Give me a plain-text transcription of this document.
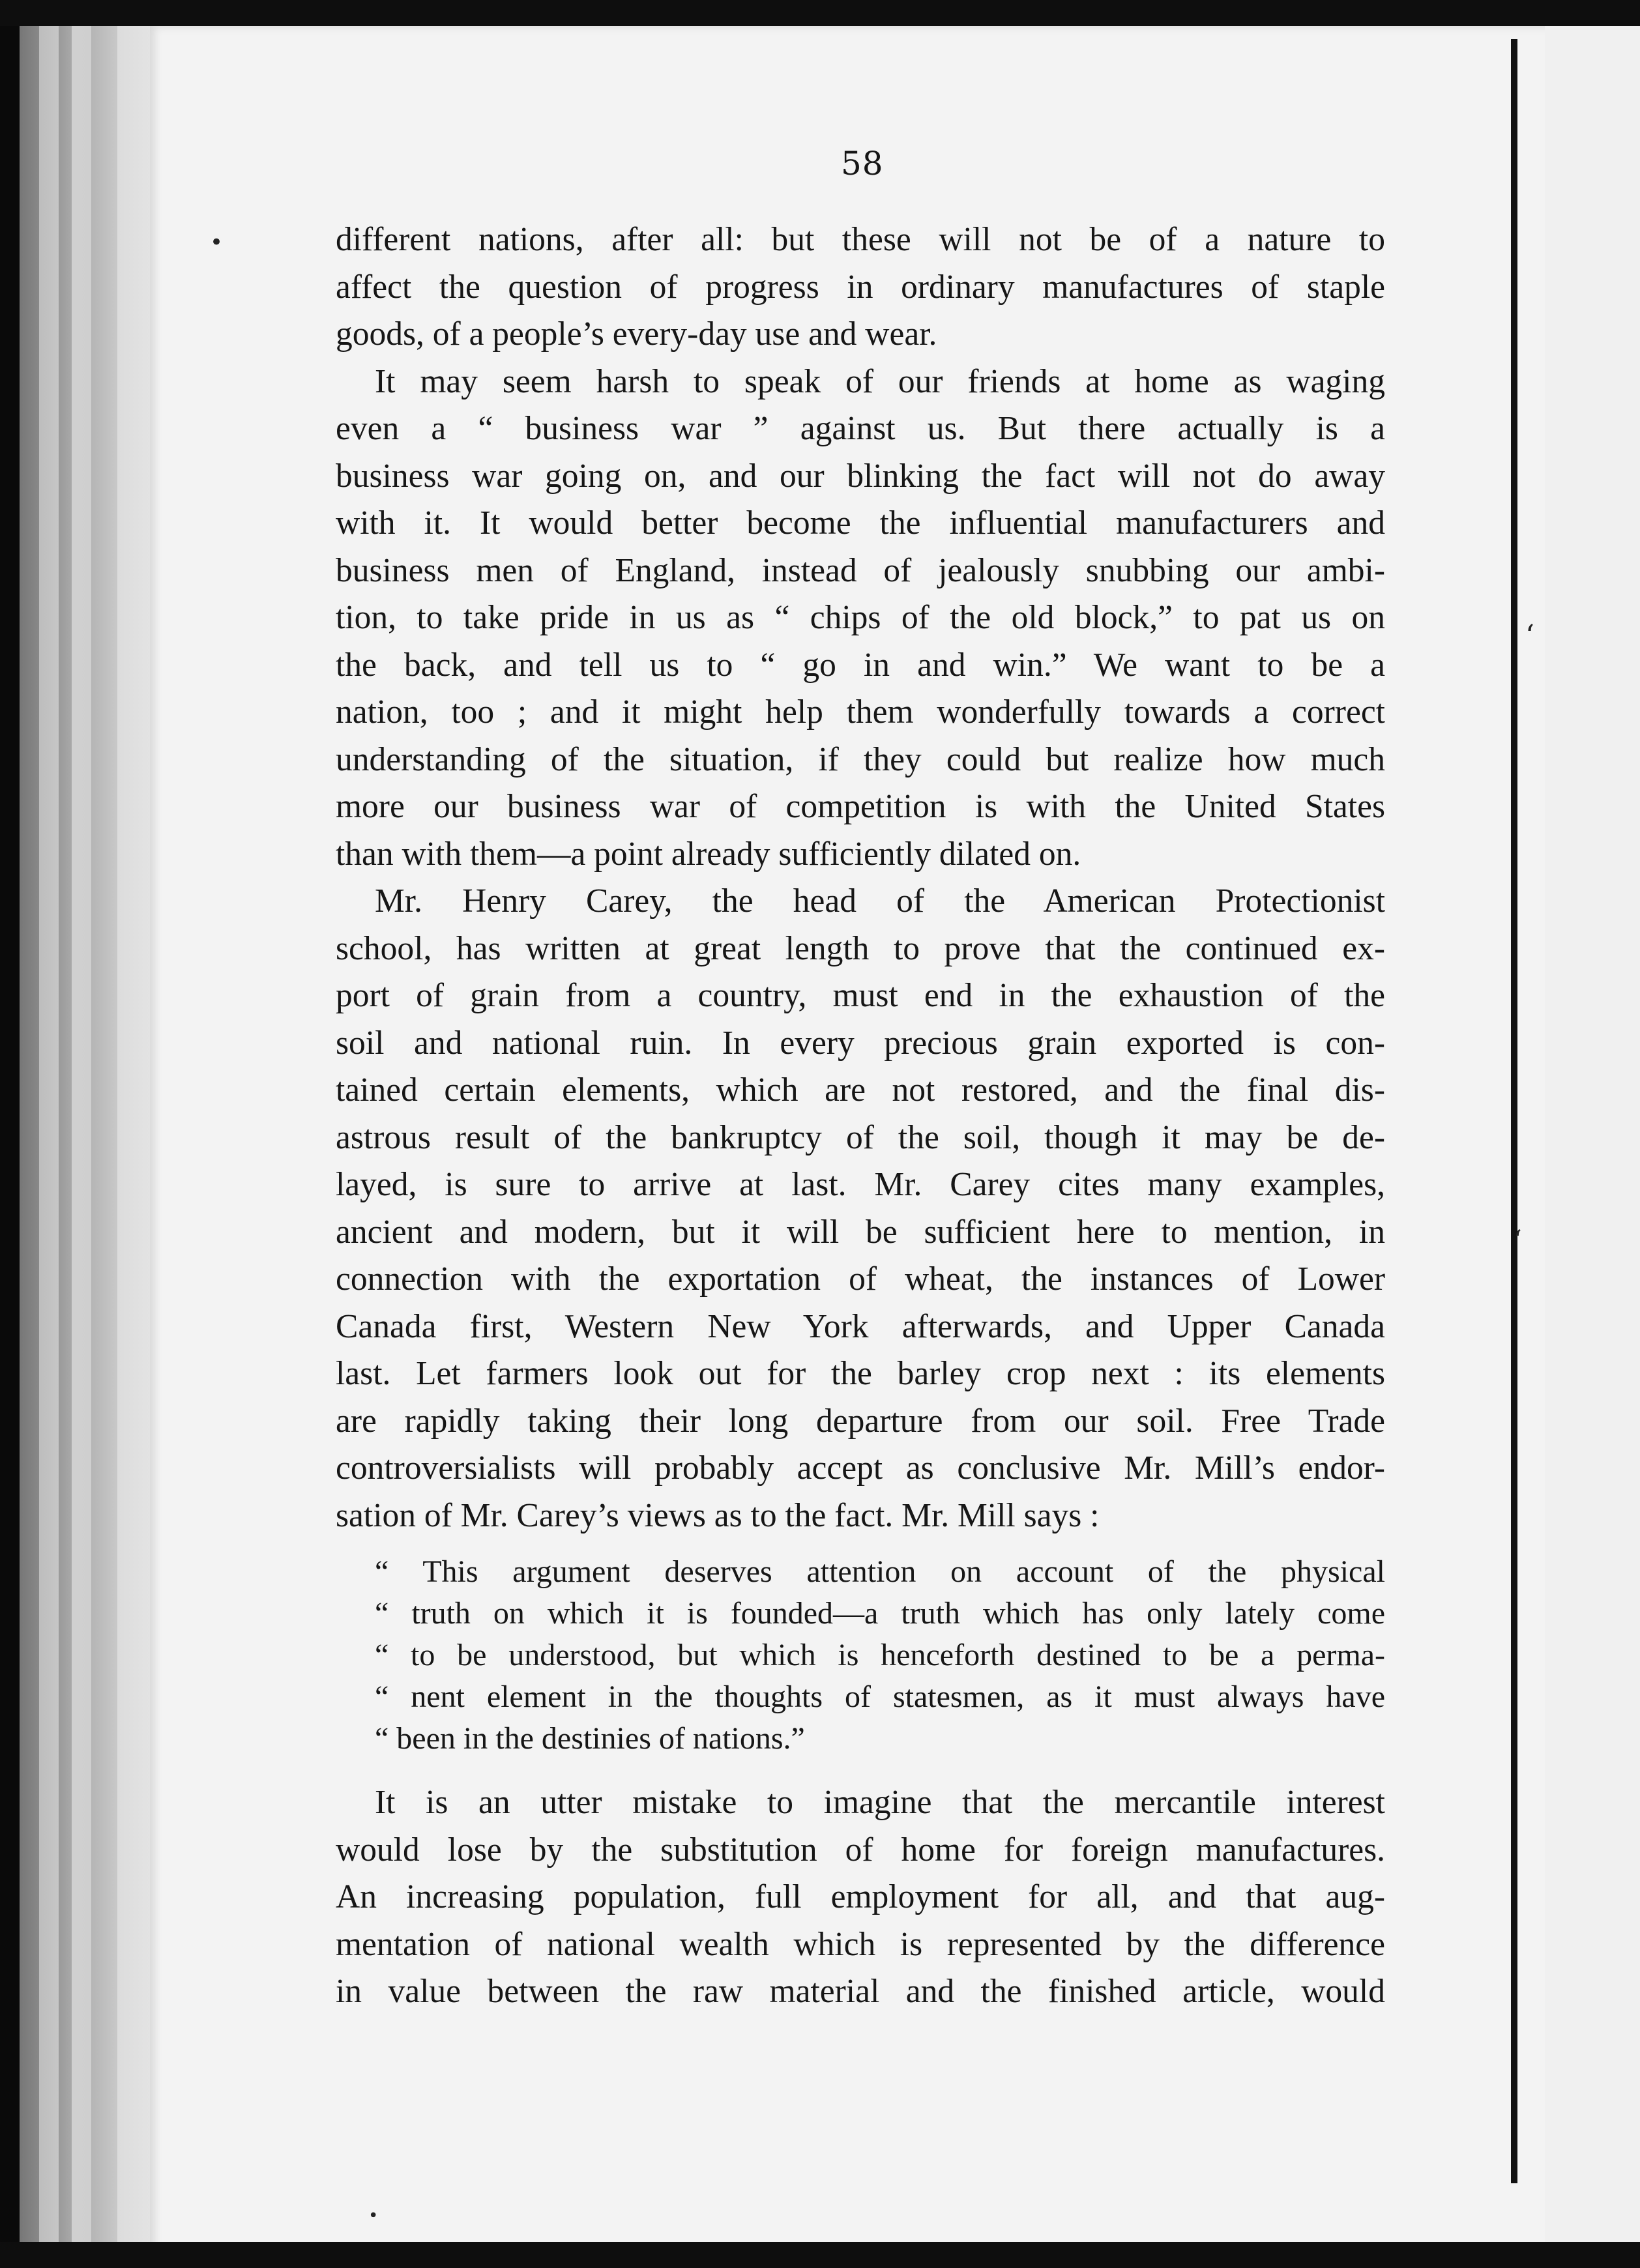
58
different nations, after all: but these will not be of a nature to
affect the question of progress in ordinary manufactures of staple
goods, of a people’s every-day use and wear.
It may seem harsh to speak of our friends at home as waging
even a “ business war ” against us. But there actually is a
business war going on, and our blinking the fact will not do away
with it. It would better become the influential manufacturers and
business men of England, instead of jealously snubbing our ambi-
tion, to take pride in us as “ chips of the old block,” to pat us on
the back, and tell us to “ go in and win.” We want to be a
nation, too ; and it might help them wonderfully towards a correct
understanding of the situation, if they could but realize how much
more our business war of competition is with the United States
than with them—a point already sufficiently dilated on.
Mr. Henry Carey, the head of the American Protectionist
school, has written at great length to prove that the continued ex-
port of grain from a country, must end in the exhaustion of the
soil and national ruin. In every precious grain exported is con-
tained certain elements, which are not restored, and the final dis-
astrous result of the bankruptcy of the soil, though it may be de-
layed, is sure to arrive at last. Mr. Carey cites many examples,
ancient and modern, but it will be sufficient here to mention, in
connection with the exportation of wheat, the instances of Lower
Canada first, Western New York afterwards, and Upper Canada
last. Let farmers look out for the barley crop next : its elements
are rapidly taking their long departure from our soil. Free Trade
controversialists will probably accept as conclusive Mr. Mill’s endor-
sation of Mr. Carey’s views as to the fact. Mr. Mill says :
“ This argument deserves attention on account of the physical
“ truth on which it is founded—a truth which has only lately come
“ to be understood, but which is henceforth destined to be a perma-
“ nent element in the thoughts of statesmen, as it must always have
“ been in the destinies of nations.”
It is an utter mistake to imagine that the mercantile interest
would lose by the substitution of home for foreign manufactures.
An increasing population, full employment for all, and that aug-
mentation of national wealth which is represented by the difference
in value between the raw material and the finished article, would
•
‘
‘
•
